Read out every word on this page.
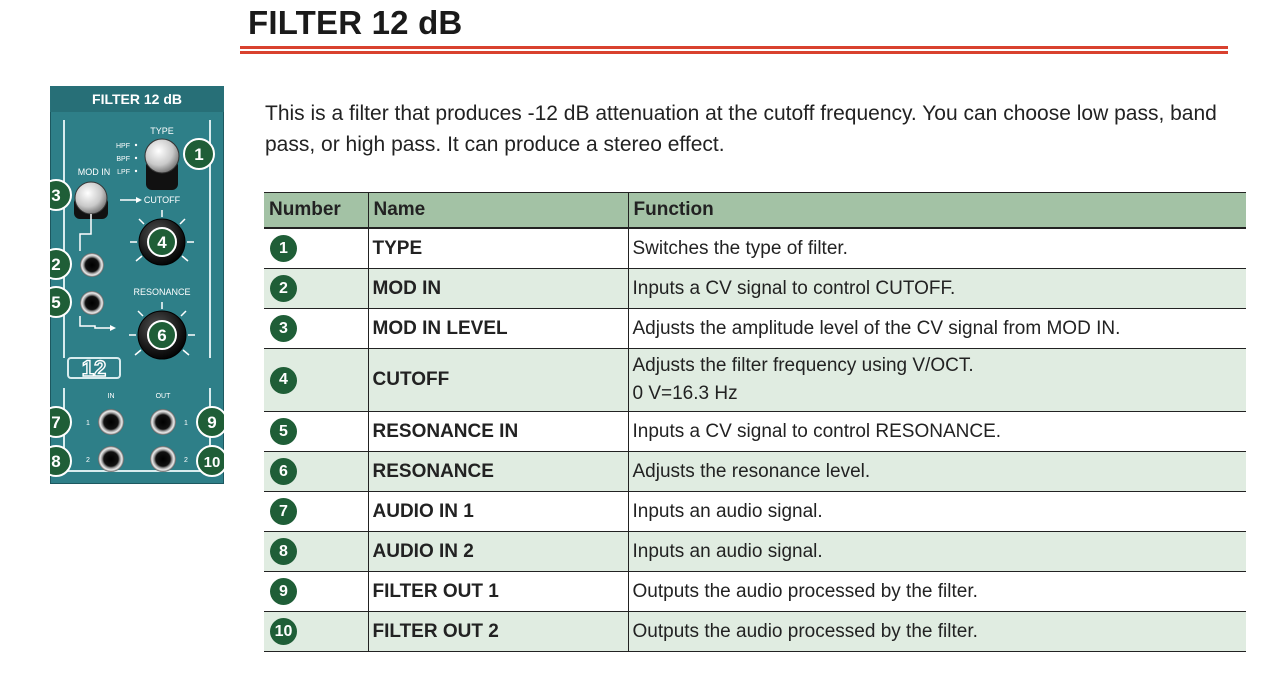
FILTER 12 dB

This is a filter that produces -12 dB attenuation at the cutoff frequency. You can choose low pass, band pass, or high pass. It can produce a stereo effect.

FILTER 12 dB
TYPE
HPF
BPF
LPF
MOD IN
CUTOFF
RESONANCE
12
IN	OUT
1
2
1
2
1
2
3
4
5
6
7
8
9
10
Number	Name	Function

1	TYPE	Switches the type of filter.
2	MOD IN	Inputs a CV signal to control CUTOFF.
3	MOD IN LEVEL	Adjusts the amplitude level of the CV signal from MOD IN.
4	CUTOFF	Adjusts the filter frequency using V/OCT.
0 V=16.3 Hz

5	RESONANCE IN	Inputs a CV signal to control RESONANCE.
6	RESONANCE	Adjusts the resonance level.
7	AUDIO IN 1	Inputs an audio signal.
8	AUDIO IN 2	Inputs an audio signal.
9	FILTER OUT 1	Outputs the audio processed by the filter.
10	FILTER OUT 2	Outputs the audio processed by the filter.
